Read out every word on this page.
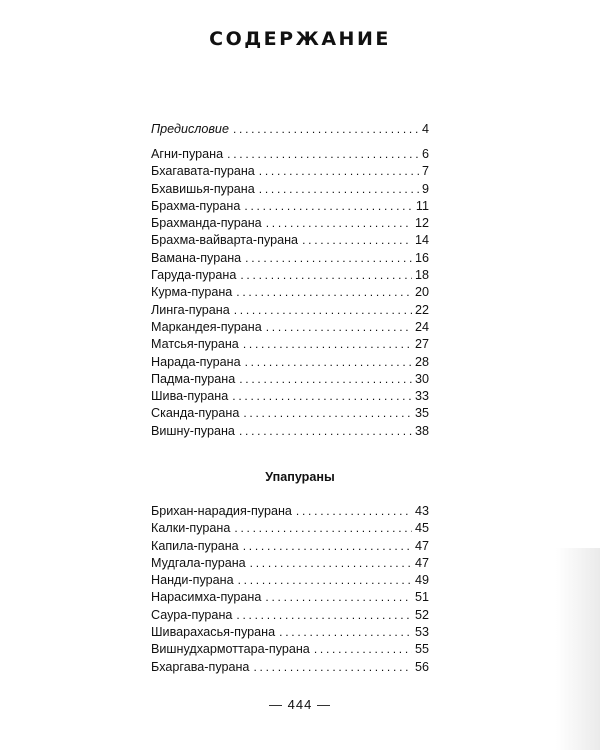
СОДЕРЖАНИЕ
Предисловие . . .	4
Агни-пурана . . .	6
Бхагавата-пурана . . .	7
Бхавишья-пурана . . .	9
Брахма-пурана . . .	11
Брахманда-пурана . . .	12
Брахма-вайварта-пурана . . .	14
Вамана-пурана . . .	16
Гаруда-пурана . . .	18
Курма-пурана . . .	20
Линга-пурана . . .	22
Маркандея-пурана . . .	24
Матсья-пурана . . .	27
Нарада-пурана . . .	28
Падма-пурана . . .	30
Шива-пурана . . .	33
Сканда-пурана . . .	35
Вишну-пурана . . .	38
Упапураны
Брихан-нарадия-пурана . . .	43
Калки-пурана . . .	45
Капила-пурана . . .	47
Мудгала-пурана . . .	47
Нанди-пурана . . .	49
Нарасимха-пурана . . .	51
Саура-пурана . . .	52
Шиварахасья-пурана . . .	53
Вишнудхармоттара-пурана . . .	55
Бхаргава-пурана . . .	56
— 444 —
